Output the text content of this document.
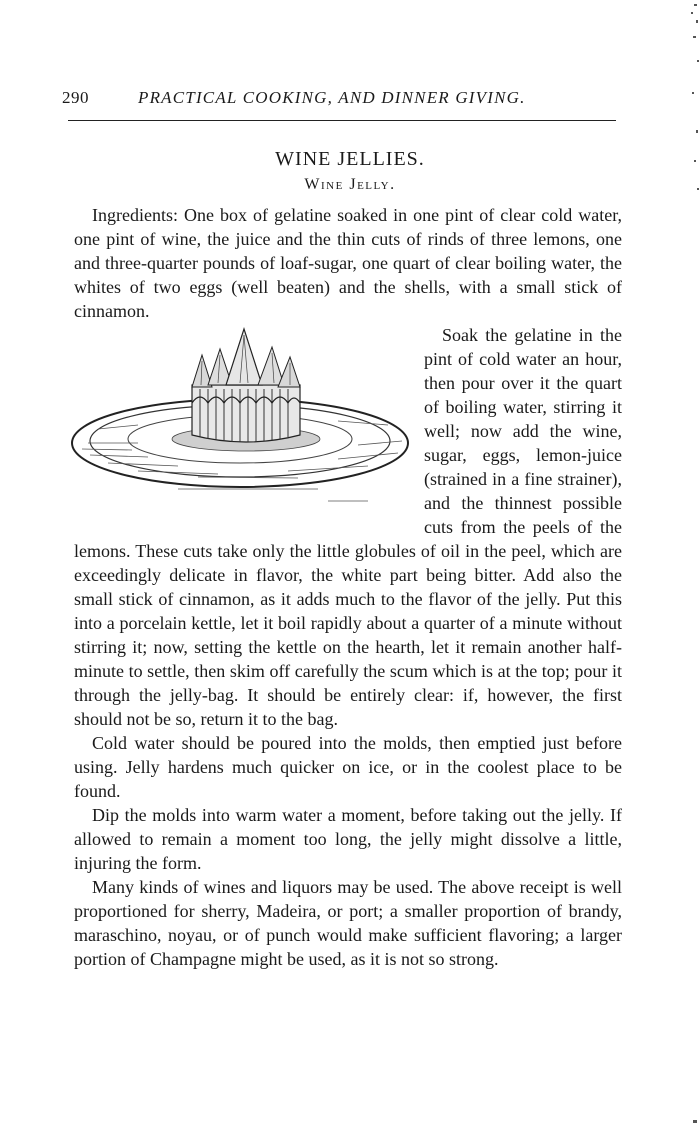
290	PRACTICAL COOKING, AND DINNER GIVING.
WINE JELLIES.
Wine Jelly.

Ingredients: One box of gelatine soaked in one pint of clear cold water, one pint of wine, the juice and the thin cuts of rinds of three lemons, one and three-quarter pounds of loaf-sugar, one quart of clear boiling water, the whites of two eggs (well beaten) and the shells, with a small stick of cinnamon.

Soak the gelatine in the pint of cold water an hour, then pour over it the quart of boiling water, stirring it well; now add the wine, sugar, eggs, lemon-juice (strained in a fine strainer), and the thinnest possible cuts from the peels of the lemons. These cuts take only the little globules of oil in the peel, which are exceedingly delicate in flavor, the white part being bitter. Add also the small stick of cinnamon, as it adds much to the flavor of the jelly. Put this into a porcelain kettle, let it boil rapidly about a quarter of a minute without stirring it; now, setting the kettle on the hearth, let it remain another half-minute to settle, then skim off carefully the scum which is at the top; pour it through the jelly-bag. It should be entirely clear: if, however, the first should not be so, return it to the bag.

Cold water should be poured into the molds, then emptied just before using. Jelly hardens much quicker on ice, or in the coolest place to be found.

Dip the molds into warm water a moment, before taking out the jelly. If allowed to remain a moment too long, the jelly might dissolve a little, injuring the form.

Many kinds of wines and liquors may be used. The above receipt is well proportioned for sherry, Madeira, or port; a smaller proportion of brandy, maraschino, noyau, or of punch would make sufficient flavoring; a larger portion of Champagne might be used, as it is not so strong.
